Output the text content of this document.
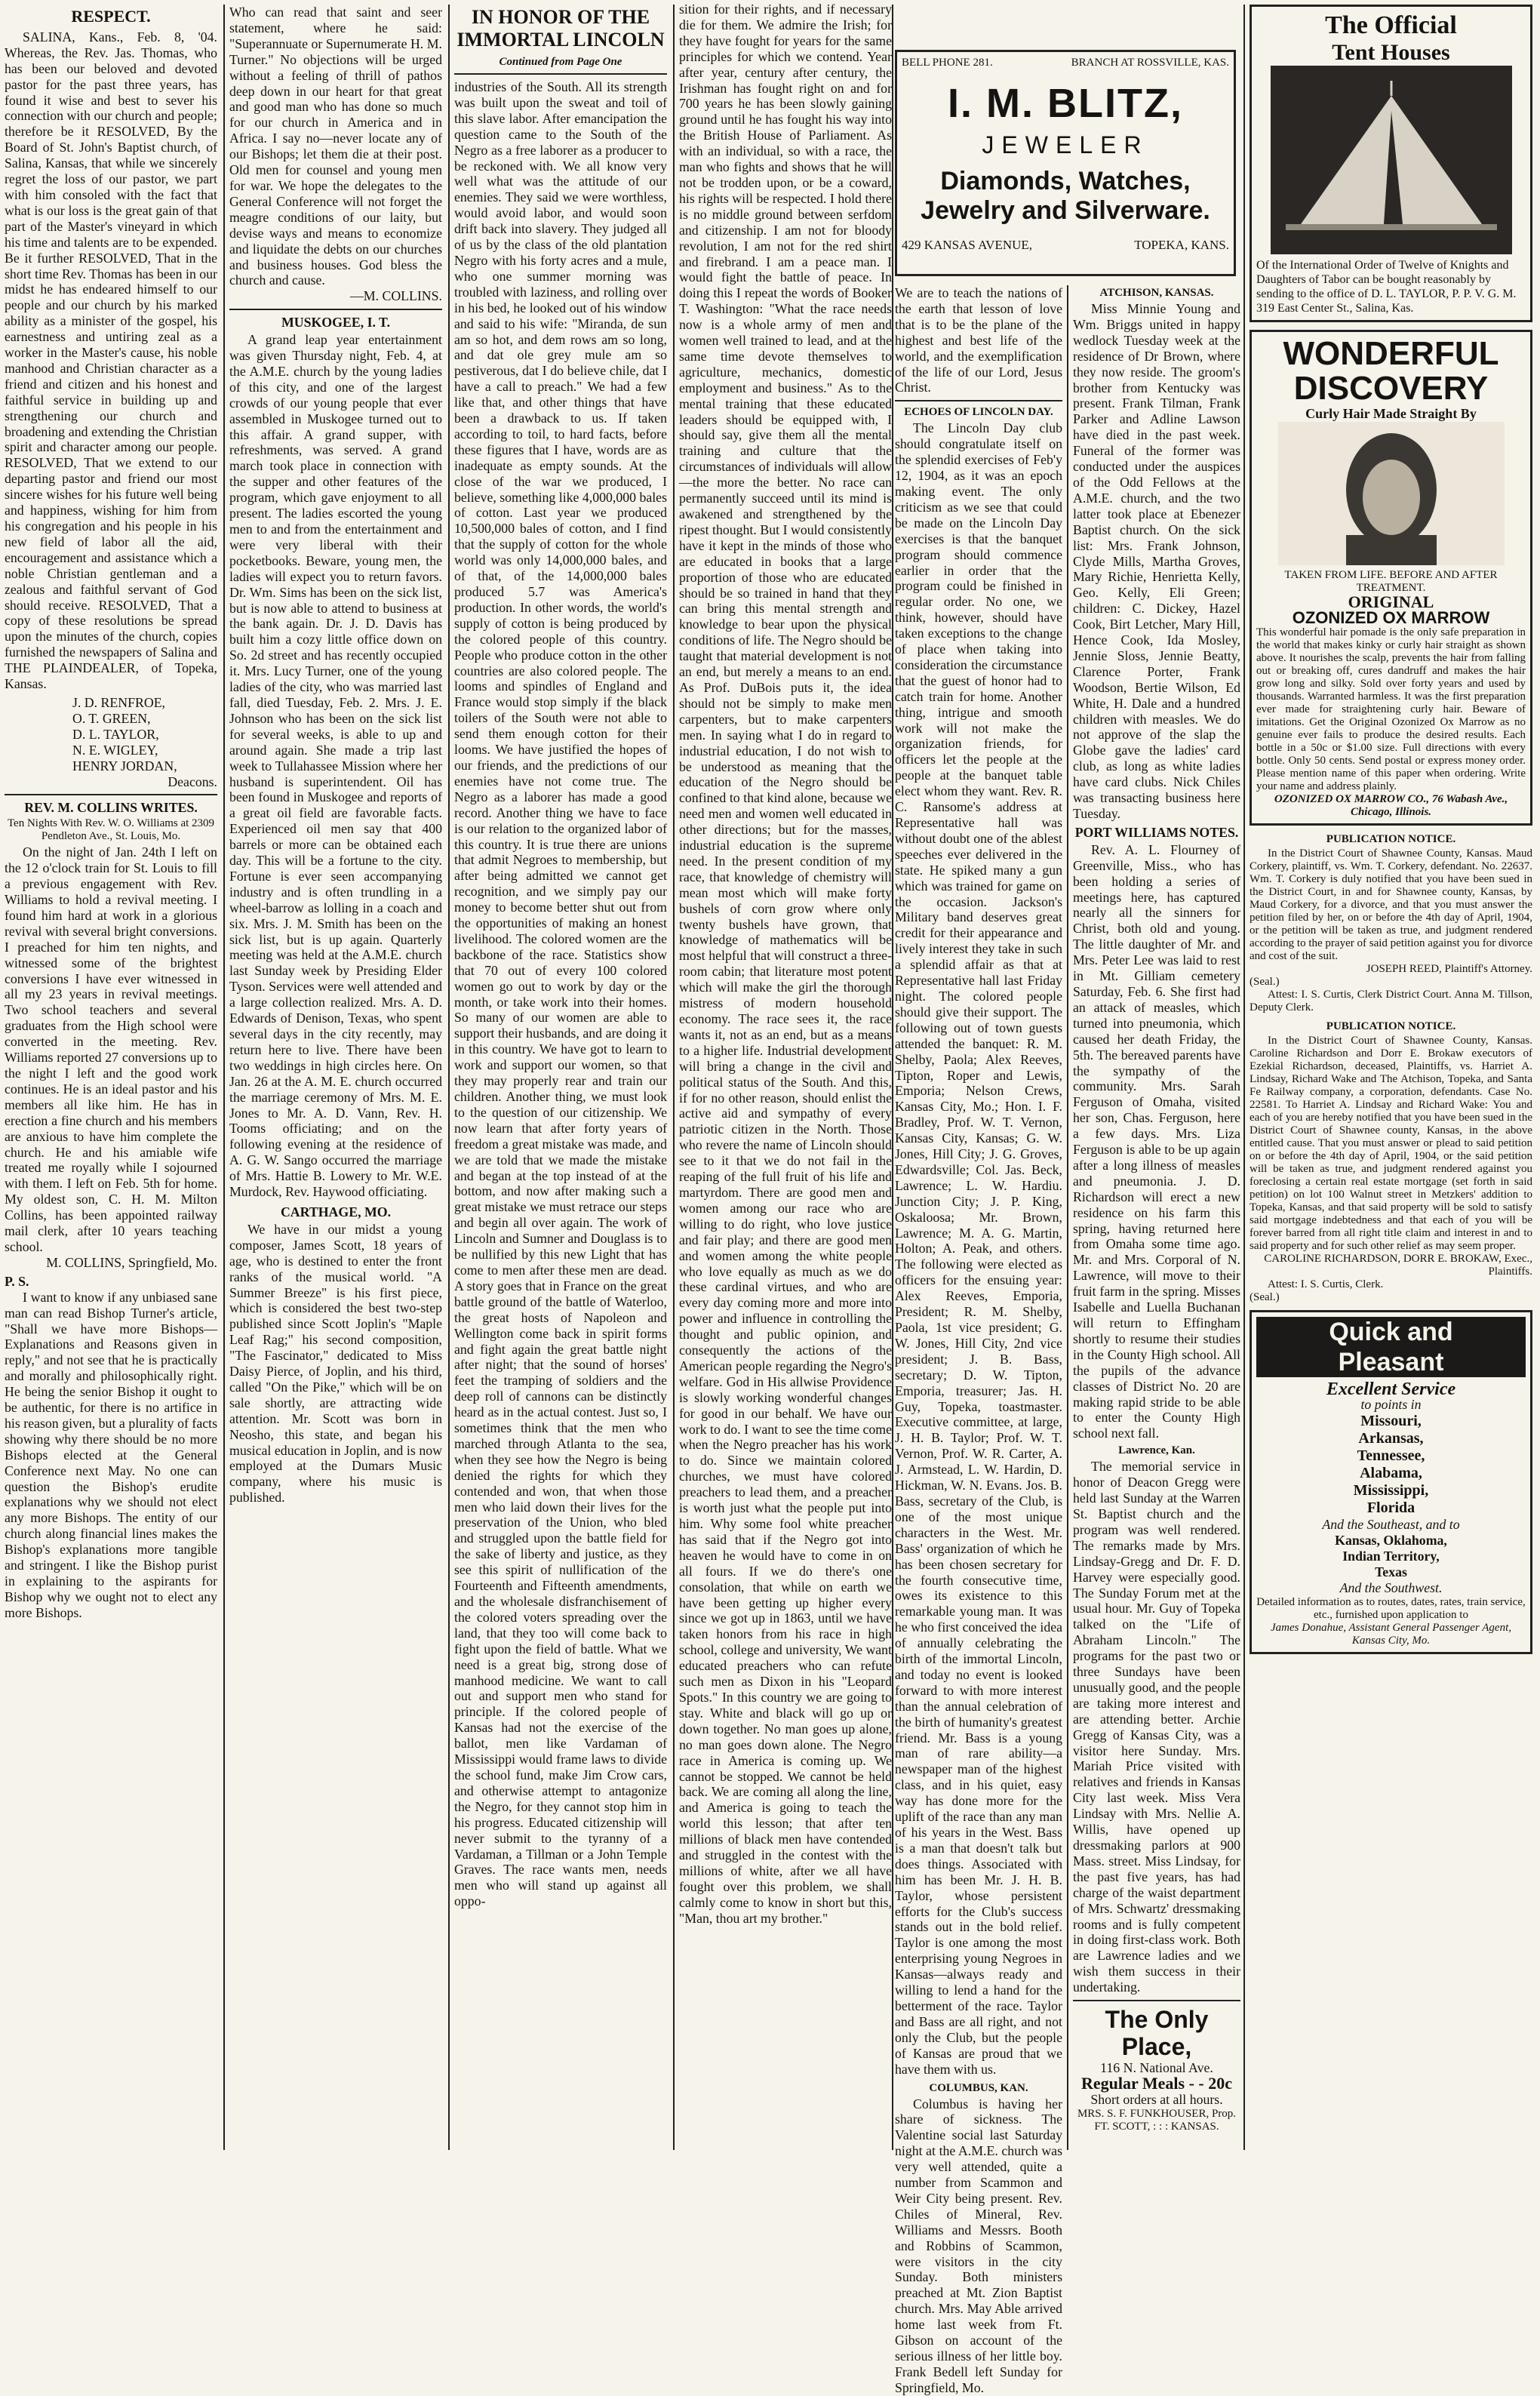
RESPECT.

SALINA, Kans., Feb. 8, '04. Whereas, the Rev. Jas. Thomas, who has been our beloved and devoted pastor for the past three years, has found it wise and best to sever his connection with our church and people; therefore be it RESOLVED, By the Board of St. John's Baptist church, of Salina, Kansas, that while we sincerely regret the loss of our pastor, we part with him consoled with the fact that what is our loss is the great gain of that part of the Master's vineyard in which his time and talents are to be expended. Be it further RESOLVED, That in the short time Rev. Thomas has been in our midst he has endeared himself to our people and our church by his marked ability as a minister of the gospel, his earnestness and untiring zeal as a worker in the Master's cause, his noble manhood and Christian character as a friend and citizen and his honest and faithful service in building up and strengthening our church and broadening and extending the Christian spirit and character among our people. RESOLVED, That we extend to our departing pastor and friend our most sincere wishes for his future well being and happiness, wishing for him from his congregation and his people in his new field of labor all the aid, encouragement and assistance which a noble Christian gentleman and a zealous and faithful servant of God should receive. RESOLVED, That a copy of these resolutions be spread upon the minutes of the church, copies furnished the newspapers of Salina and THE PLAINDEALER, of Topeka, Kansas.

J. D. RENFROE,
O. T. GREEN,
D. L. TAYLOR,
N. E. WIGLEY,
HENRY JORDAN,
Deacons.
REV. M. COLLINS WRITES.
Ten Nights With Rev. W. O. Williams at 2309 Pendleton Ave., St. Louis, Mo.

On the night of Jan. 24th I left on the 12 o'clock train for St. Louis to fill a previous engagement with Rev. Williams to hold a revival meeting. I found him hard at work in a glorious revival with several bright conversions. I preached for him ten nights, and witnessed some of the brightest conversions I have ever witnessed in all my 23 years in revival meetings. Two school teachers and several graduates from the High school were converted in the meeting. Rev. Williams reported 27 conversions up to the night I left and the good work continues. He is an ideal pastor and his members all like him. He has in erection a fine church and his members are anxious to have him complete the church. He and his amiable wife treated me royally while I sojourned with them. I left on Feb. 5th for home. My oldest son, C. H. M. Milton Collins, has been appointed railway mail clerk, after 10 years teaching school.

M. COLLINS, Springfield, Mo.
P. S.

I want to know if any unbiased sane man can read Bishop Turner's article, "Shall we have more Bishops—Explanations and Reasons given in reply," and not see that he is practically and morally and philosophically right. He being the senior Bishop it ought to be authentic, for there is no artifice in his reason given, but a plurality of facts showing why there should be no more Bishops elected at the General Conference next May. No one can question the Bishop's erudite explanations why we should not elect any more Bishops. The entity of our church along financial lines makes the Bishop's explanations more tangible and stringent. I like the Bishop purist in explaining to the aspirants for Bishop why we ought not to elect any more Bishops.

Who can read that saint and seer statement, where he said: "Superannuate or Supernumerate H. M. Turner." No objections will be urged without a feeling of thrill of pathos deep down in our heart for that great and good man who has done so much for our church in America and in Africa. I say no—never locate any of our Bishops; let them die at their post. Old men for counsel and young men for war. We hope the delegates to the General Conference will not forget the meagre conditions of our laity, but devise ways and means to economize and liquidate the debts on our churches and business houses. God bless the church and cause.

—M. COLLINS.
MUSKOGEE, I. T.

A grand leap year entertainment was given Thursday night, Feb. 4, at the A.M.E. church by the young ladies of this city, and one of the largest crowds of our young people that ever assembled in Muskogee turned out to this affair. A grand supper, with refreshments, was served. A grand march took place in connection with the supper and other features of the program, which gave enjoyment to all present. The ladies escorted the young men to and from the entertainment and were very liberal with their pocketbooks. Beware, young men, the ladies will expect you to return favors. Dr. Wm. Sims has been on the sick list, but is now able to attend to business at the bank again. Dr. J. D. Davis has built him a cozy little office down on So. 2d street and has recently occupied it. Mrs. Lucy Turner, one of the young ladies of the city, who was married last fall, died Tuesday, Feb. 2. Mrs. J. E. Johnson who has been on the sick list for several weeks, is able to up and around again. She made a trip last week to Tullahassee Mission where her husband is superintendent. Oil has been found in Muskogee and reports of a great oil field are favorable facts. Experienced oil men say that 400 barrels or more can be obtained each day. This will be a fortune to the city. Fortune is ever seen accompanying industry and is often trundling in a wheel-barrow as lolling in a coach and six. Mrs. J. M. Smith has been on the sick list, but is up again. Quarterly meeting was held at the A.M.E. church last Sunday week by Presiding Elder Tyson. Services were well attended and a large collection realized. Mrs. A. D. Edwards of Denison, Texas, who spent several days in the city recently, may return here to live. There have been two weddings in high circles here. On Jan. 26 at the A. M. E. church occurred the marriage ceremony of Mrs. M. E. Jones to Mr. A. D. Vann, Rev. H. Tooms officiating; and on the following evening at the residence of A. G. W. Sango occurred the marriage of Mrs. Hattie B. Lowery to Mr. W.E. Murdock, Rev. Haywood officiating.

CARTHAGE, MO.

We have in our midst a young composer, James Scott, 18 years of age, who is destined to enter the front ranks of the musical world. "A Summer Breeze" is his first piece, which is considered the best two-step published since Scott Joplin's "Maple Leaf Rag;" his second composition, "The Fascinator," dedicated to Miss Daisy Pierce, of Joplin, and his third, called "On the Pike," which will be on sale shortly, are attracting wide attention. Mr. Scott was born in Neosho, this state, and began his musical education in Joplin, and is now employed at the Dumars Music company, where his music is published.

IN HONOR OF THE IMMORTAL LINCOLN
Continued from Page One

industries of the South. All its strength was built upon the sweat and toil of this slave labor. After emancipation the question came to the South of the Negro as a free laborer as a producer to be reckoned with. We all know very well what was the attitude of our enemies. They said we were worthless, would avoid labor, and would soon drift back into slavery. They judged all of us by the class of the old plantation Negro with his forty acres and a mule, who one summer morning was troubled with laziness, and rolling over in his bed, he looked out of his window and said to his wife: "Miranda, de sun am so hot, and dem rows am so long, and dat ole grey mule am so pestiverous, dat I do believe chile, dat I have a call to preach." We had a few like that, and other things that have been a drawback to us. If taken according to toil, to hard facts, before these figures that I have, words are as inadequate as empty sounds. At the close of the war we produced, I believe, something like 4,000,000 bales of cotton. Last year we produced 10,500,000 bales of cotton, and I find that the supply of cotton for the whole world was only 14,000,000 bales, and of that, of the 14,000,000 bales produced 5.7 was America's production. In other words, the world's supply of cotton is being produced by the colored people of this country. People who produce cotton in the other countries are also colored people. The looms and spindles of England and France would stop simply if the black toilers of the South were not able to send them enough cotton for their looms. We have justified the hopes of our friends, and the predictions of our enemies have not come true. The Negro as a laborer has made a good record. Another thing we have to face is our relation to the organized labor of this country. It is true there are unions that admit Negroes to membership, but after being admitted we cannot get recognition, and we simply pay our money to become better shut out from the opportunities of making an honest livelihood. The colored women are the backbone of the race. Statistics show that 70 out of every 100 colored women go out to work by day or the month, or take work into their homes. So many of our women are able to support their husbands, and are doing it in this country. We have got to learn to work and support our women, so that they may properly rear and train our children. Another thing, we must look to the question of our citizenship. We now learn that after forty years of freedom a great mistake was made, and we are told that we made the mistake and began at the top instead of at the bottom, and now after making such a great mistake we must retrace our steps and begin all over again. The work of Lincoln and Sumner and Douglass is to be nullified by this new Light that has come to men after these men are dead. A story goes that in France on the great battle ground of the battle of Waterloo, the great hosts of Napoleon and Wellington come back in spirit forms and fight again the great battle night after night; that the sound of horses' feet the tramping of soldiers and the deep roll of cannons can be distinctly heard as in the actual contest. Just so, I sometimes think that the men who marched through Atlanta to the sea, when they see how the Negro is being denied the rights for which they contended and won, that when those men who laid down their lives for the preservation of the Union, who bled and struggled upon the battle field for the sake of liberty and justice, as they see this spirit of nullification of the Fourteenth and Fifteenth amendments, and the wholesale disfranchisement of the colored voters spreading over the land, that they too will come back to fight upon the field of battle. What we need is a great big, strong dose of manhood medicine. We want to call out and support men who stand for principle. If the colored people of Kansas had not the exercise of the ballot, men like Vardaman of Mississippi would frame laws to divide the school fund, make Jim Crow cars, and otherwise attempt to antagonize the Negro, for they cannot stop him in his progress. Educated citizenship will never submit to the tyranny of a Vardaman, a Tillman or a John Temple Graves. The race wants men, needs men who will stand up against all oppo-

sition for their rights, and if necessary die for them. We admire the Irish; for they have fought for years for the same principles for which we contend. Year after year, century after century, the Irishman has fought right on and for 700 years he has been slowly gaining ground until he has fought his way into the British House of Parliament. As with an individual, so with a race, the man who fights and shows that he will not be trodden upon, or be a coward, his rights will be respected. I hold there is no middle ground between serfdom and citizenship. I am not for bloody revolution, I am not for the red shirt and firebrand. I am a peace man. I would fight the battle of peace. In doing this I repeat the words of Booker T. Washington: "What the race needs now is a whole army of men and women well trained to lead, and at the same time devote themselves to agriculture, mechanics, domestic employment and business." As to the mental training that these educated leaders should be equipped with, I should say, give them all the mental training and culture that the circumstances of individuals will allow—the more the better. No race can permanently succeed until its mind is awakened and strengthened by the ripest thought. But I would consistently have it kept in the minds of those who are educated in books that a large proportion of those who are educated should be so trained in hand that they can bring this mental strength and knowledge to bear upon the physical conditions of life. The Negro should be taught that material development is not an end, but merely a means to an end. As Prof. DuBois puts it, the idea should not be simply to make men carpenters, but to make carpenters men. In saying what I do in regard to industrial education, I do not wish to be understood as meaning that the education of the Negro should be confined to that kind alone, because we need men and women well educated in other directions; but for the masses, industrial education is the supreme need. In the present condition of my race, that knowledge of chemistry will mean most which will make forty bushels of corn grow where only twenty bushels have grown, that knowledge of mathematics will be most helpful that will construct a three-room cabin; that literature most potent which will make the girl the thorough mistress of modern household economy. The race sees it, the race wants it, not as an end, but as a means to a higher life. Industrial development will bring a change in the civil and political status of the South. And this, if for no other reason, should enlist the active aid and sympathy of every patriotic citizen in the North. Those who revere the name of Lincoln should see to it that we do not fail in the reaping of the full fruit of his life and martyrdom. There are good men and women among our race who are willing to do right, who love justice and fair play; and there are good men and women among the white people who love equally as much as we do these cardinal virtues, and who are every day coming more and more into power and influence in controlling the thought and public opinion, and consequently the actions of the American people regarding the Negro's welfare. God in His allwise Providence is slowly working wonderful changes for good in our behalf. We have our work to do. I want to see the time come when the Negro preacher has his work to do. Since we maintain colored churches, we must have colored preachers to lead them, and a preacher is worth just what the people put into him. Why some fool white preacher has said that if the Negro got into heaven he would have to come in on all fours. If we do there's one consolation, that while on earth we have been getting up higher every since we got up in 1863, until we have taken honors from his race in high school, college and university, We want educated preachers who can refute such men as Dixon in his "Leopard Spots." In this country we are going to stay. White and black will go up or down together. No man goes up alone, no man goes down alone. The Negro race in America is coming up. We cannot be stopped. We cannot be held back. We are coming all along the line, and America is going to teach the world this lesson; that after ten millions of black men have contended and struggled in the contest with the millions of white, after we all have fought over this problem, we shall calmly come to know in short but this, "Man, thou art my brother."

BELL PHONE 281.	BRANCH AT ROSSVILLE, KAS.
I. M. BLITZ,
JEWELER
Diamonds, Watches,
Jewelry and Silverware.
429 KANSAS AVENUE,	TOPEKA, KANS.

We are to teach the nations of the earth that lesson of love that is to be the plane of the highest and best life of the world, and the exemplification of the life of our Lord, Jesus Christ.

ECHOES OF LINCOLN DAY.

The Lincoln Day club should congratulate itself on the splendid exercises of Feb'y 12, 1904, as it was an epoch making event. The only criticism as we see that could be made on the Lincoln Day exercises is that the banquet program should commence earlier in order that the program could be finished in regular order. No one, we think, however, should have taken exceptions to the change of place when taking into consideration the circumstance that the guest of honor had to catch train for home. Another thing, intrigue and smooth work will not make the organization friends, for officers let the people at the people at the banquet table elect whom they want. Rev. R. C. Ransome's address at Representative hall was without doubt one of the ablest speeches ever delivered in the state. He spiked many a gun which was trained for game on the occasion. Jackson's Military band deserves great credit for their appearance and lively interest they take in such a splendid affair as that at Representative hall last Friday night. The colored people should give their support. The following out of town guests attended the banquet: R. M. Shelby, Paola; Alex Reeves, Tipton, Roper and Lewis, Emporia; Nelson Crews, Kansas City, Mo.; Hon. I. F. Bradley, Prof. W. T. Vernon, Kansas City, Kansas; G. W. Jones, Hill City; J. G. Groves, Edwardsville; Col. Jas. Beck, Lawrence; L. W. Hardiu. Junction City; J. P. King, Oskaloosa; Mr. Brown, Lawrence; M. A. G. Martin, Holton; A. Peak, and others. The following were elected as officers for the ensuing year: Alex Reeves, Emporia, President; R. M. Shelby, Paola, 1st vice president; G. W. Jones, Hill City, 2nd vice president; J. B. Bass, secretary; D. W. Tipton, Emporia, treasurer; Jas. H. Guy, Topeka, toastmaster. Executive committee, at large, J. H. B. Taylor; Prof. W. T. Vernon, Prof. W. R. Carter, A. J. Armstead, L. W. Hardin, D. Hickman, W. N. Evans. Jos. B. Bass, secretary of the Club, is one of the most unique characters in the West. Mr. Bass' organization of which he has been chosen secretary for the fourth consecutive time, owes its existence to this remarkable young man. It was he who first conceived the idea of annually celebrating the birth of the immortal Lincoln, and today no event is looked forward to with more interest than the annual celebration of the birth of humanity's greatest friend. Mr. Bass is a young man of rare ability—a newspaper man of the highest class, and in his quiet, easy way has done more for the uplift of the race than any man of his years in the West. Bass is a man that doesn't talk but does things. Associated with him has been Mr. J. H. B. Taylor, whose persistent efforts for the Club's success stands out in the bold relief. Taylor is one among the most enterprising young Negroes in Kansas—always ready and willing to lend a hand for the betterment of the race. Taylor and Bass are all right, and not only the Club, but the people of Kansas are proud that we have them with us.

COLUMBUS, KAN.

Columbus is having her share of sickness. The Valentine social last Saturday night at the A.M.E. church was very well attended, quite a number from Scammon and Weir City being present. Rev. Chiles of Mineral, Rev. Williams and Messrs. Booth and Robbins of Scammon, were visitors in the city Sunday. Both ministers preached at Mt. Zion Baptist church. Mrs. May Able arrived home last week from Ft. Gibson on account of the serious illness of her little boy. Frank Bedell left Sunday for Springfield, Mo.

ATCHISON, KANSAS.

Miss Minnie Young and Wm. Briggs united in happy wedlock Tuesday week at the residence of Dr Brown, where they now reside. The groom's brother from Kentucky was present. Frank Tilman, Frank Parker and Adline Lawson have died in the past week. Funeral of the former was conducted under the auspices of the Odd Fellows at the A.M.E. church, and the two latter took place at Ebenezer Baptist church. On the sick list: Mrs. Frank Johnson, Clyde Mills, Martha Groves, Mary Richie, Henrietta Kelly, Geo. Kelly, Eli Green; children: C. Dickey, Hazel Cook, Birt Letcher, Mary Hill, Hence Cook, Ida Mosley, Jennie Sloss, Jennie Beatty, Clarence Porter, Frank Woodson, Bertie Wilson, Ed White, H. Dale and a hundred children with measles. We do not approve of the slap the Globe gave the ladies' card club, as long as white ladies have card clubs. Nick Chiles was transacting business here Tuesday.

PORT WILLIAMS NOTES.

Rev. A. L. Flourney of Greenville, Miss., who has been holding a series of meetings here, has captured nearly all the sinners for Christ, both old and young. The little daughter of Mr. and Mrs. Peter Lee was laid to rest in Mt. Gilliam cemetery Saturday, Feb. 6. She first had an attack of measles, which turned into pneumonia, which caused her death Friday, the 5th. The bereaved parents have the sympathy of the community. Mrs. Sarah Ferguson of Omaha, visited her son, Chas. Ferguson, here a few days. Mrs. Liza Ferguson is able to be up again after a long illness of measles and pneumonia. J. D. Richardson will erect a new residence on his farm this spring, having returned here from Omaha some time ago. Mr. and Mrs. Corporal of N. Lawrence, will move to their fruit farm in the spring. Misses Isabelle and Luella Buchanan will return to Effingham shortly to resume their studies in the County High school. All the pupils of the advance classes of District No. 20 are making rapid stride to be able to enter the County High school next fall.

Lawrence, Kan.

The memorial service in honor of Deacon Gregg were held last Sunday at the Warren St. Baptist church and the program was well rendered. The remarks made by Mrs. Lindsay-Gregg and Dr. F. D. Harvey were especially good. The Sunday Forum met at the usual hour. Mr. Guy of Topeka talked on the "Life of Abraham Lincoln." The programs for the past two or three Sundays have been unusually good, and the people are taking more interest and are attending better. Archie Gregg of Kansas City, was a visitor here Sunday. Mrs. Mariah Price visited with relatives and friends in Kansas City last week. Miss Vera Lindsay with Mrs. Nellie A. Willis, have opened up dressmaking parlors at 900 Mass. street. Miss Lindsay, for the past five years, has had charge of the waist department of Mrs. Schwartz' dressmaking rooms and is fully competent in doing first-class work. Both are Lawrence ladies and we wish them success in their undertaking.

The Only Place,
116 N. National Ave.
Regular Meals - - 20c
Short orders at all hours.
MRS. S. F. FUNKHOUSER, Prop.
FT. SCOTT, : : : KANSAS.
The Official
Tent Houses

Of the International Order of Twelve of Knights and Daughters of Tabor can be bought reasonably by sending to the office of D. L. TAYLOR, P. P. V. G. M. 319 East Center St., Salina, Kas.

WONDERFUL
DISCOVERY
Curly Hair Made Straight By
TAKEN FROM LIFE. BEFORE AND AFTER TREATMENT.
ORIGINAL
OZONIZED OX MARROW

This wonderful hair pomade is the only safe preparation in the world that makes kinky or curly hair straight as shown above. It nourishes the scalp, prevents the hair from falling out or breaking off, cures dandruff and makes the hair grow long and silky. Sold over forty years and used by thousands. Warranted harmless. It was the first preparation ever made for straightening curly hair. Beware of imitations. Get the Original Ozonized Ox Marrow as no genuine ever fails to produce the desired results. Each bottle in a 50c or $1.00 size. Full directions with every bottle. Only 50 cents. Send postal or express money order. Please mention name of this paper when ordering. Write your name and address plainly.

OZONIZED OX MARROW CO., 76 Wabash Ave., Chicago, Illinois.
PUBLICATION NOTICE.

In the District Court of Shawnee County, Kansas. Maud Corkery, plaintiff, vs. Wm. T. Corkery, defendant. No. 22637. Wm. T. Corkery is duly notified that you have been sued in the District Court, in and for Shawnee county, Kansas, by Maud Corkery, for a divorce, and that you must answer the petition filed by her, on or before the 4th day of April, 1904, or the petition will be taken as true, and judgment rendered according to the prayer of said petition against you for divorce and cost of the suit.

JOSEPH REED, Plaintiff's Attorney.
(Seal.)

Attest: I. S. Curtis, Clerk District Court. Anna M. Tillson, Deputy Clerk.

PUBLICATION NOTICE.

In the District Court of Shawnee County, Kansas. Caroline Richardson and Dorr E. Brokaw executors of Ezekial Richardson, deceased, Plaintiffs, vs. Harriet A. Lindsay, Richard Wake and The Atchison, Topeka, and Santa Fe Railway company, a corporation, defendants. Case No. 22581. To Harriet A. Lindsay and Richard Wake: You and each of you are hereby notified that you have been sued in the District Court of Shawnee county, Kansas, in the above entitled cause. That you must answer or plead to said petition on or before the 4th day of April, 1904, or the said petition will be taken as true, and judgment rendered against you foreclosing a certain real estate mortgage (set forth in said petition) on lot 100 Walnut street in Metzkers' addition to Topeka, Kansas, and that said property will be sold to satisfy said mortgage indebtedness and that each of you will be forever barred from all right title claim and interest in and to said property and for such other relief as may seem proper.

CAROLINE RICHARDSON, DORR E. BROKAW, Exec., Plaintiffs.

Attest: I. S. Curtis, Clerk.

(Seal.)
Quick and
Pleasant
Excellent Service
to points in
Missouri,
Arkansas,
Tennessee,
Alabama,
Mississippi,
Florida
And the Southeast, and to
Kansas, Oklahoma,
Indian Territory,
Texas
And the Southwest.
Detailed information as to routes, dates, rates, train service, etc., furnished upon application to
James Donahue, Assistant General Passenger Agent, Kansas City, Mo.
